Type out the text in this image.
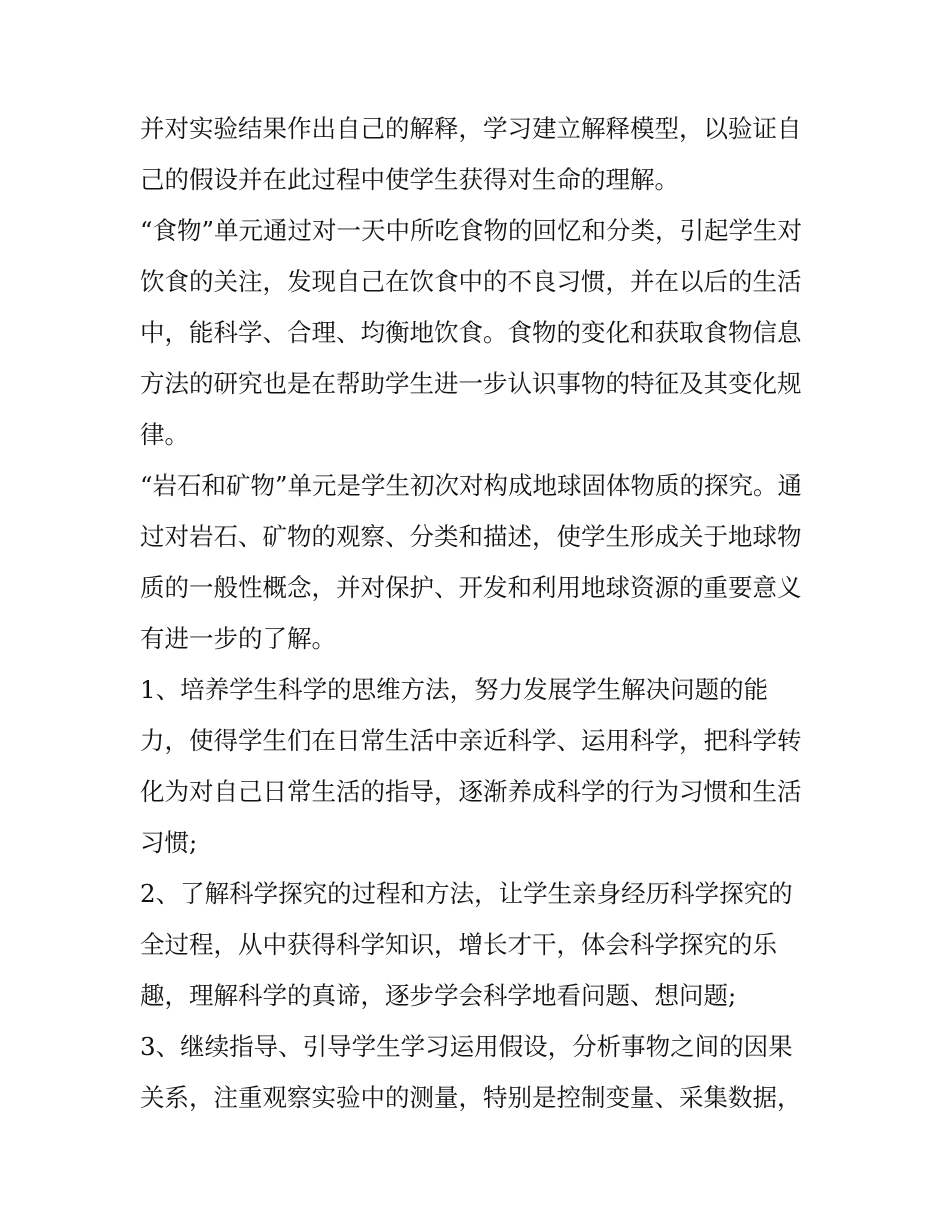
并对实验结果作出自己的解释，学习建立解释模型，以验证自
己的假设并在此过程中使学生获得对生命的理解。
“食物”单元通过对一天中所吃食物的回忆和分类，引起学生对
饮食的关注，发现自己在饮食中的不良习惯，并在以后的生活
中，能科学、合理、均衡地饮食。食物的变化和获取食物信息
方法的研究也是在帮助学生进一步认识事物的特征及其变化规
律。
“岩石和矿物”单元是学生初次对构成地球固体物质的探究。通
过对岩石、矿物的观察、分类和描述，使学生形成关于地球物
质的一般性概念，并对保护、开发和利用地球资源的重要意义
有进一步的了解。
1、培养学生科学的思维方法，努力发展学生解决问题的能
力，使得学生们在日常生活中亲近科学、运用科学，把科学转
化为对自己日常生活的指导，逐渐养成科学的行为习惯和生活
习惯;
2、了解科学探究的过程和方法，让学生亲身经历科学探究的
全过程，从中获得科学知识，增长才干，体会科学探究的乐
趣，理解科学的真谛，逐步学会科学地看问题、想问题;
3、继续指导、引导学生学习运用假设，分析事物之间的因果
关系，注重观察实验中的测量，特别是控制变量、采集数据，
